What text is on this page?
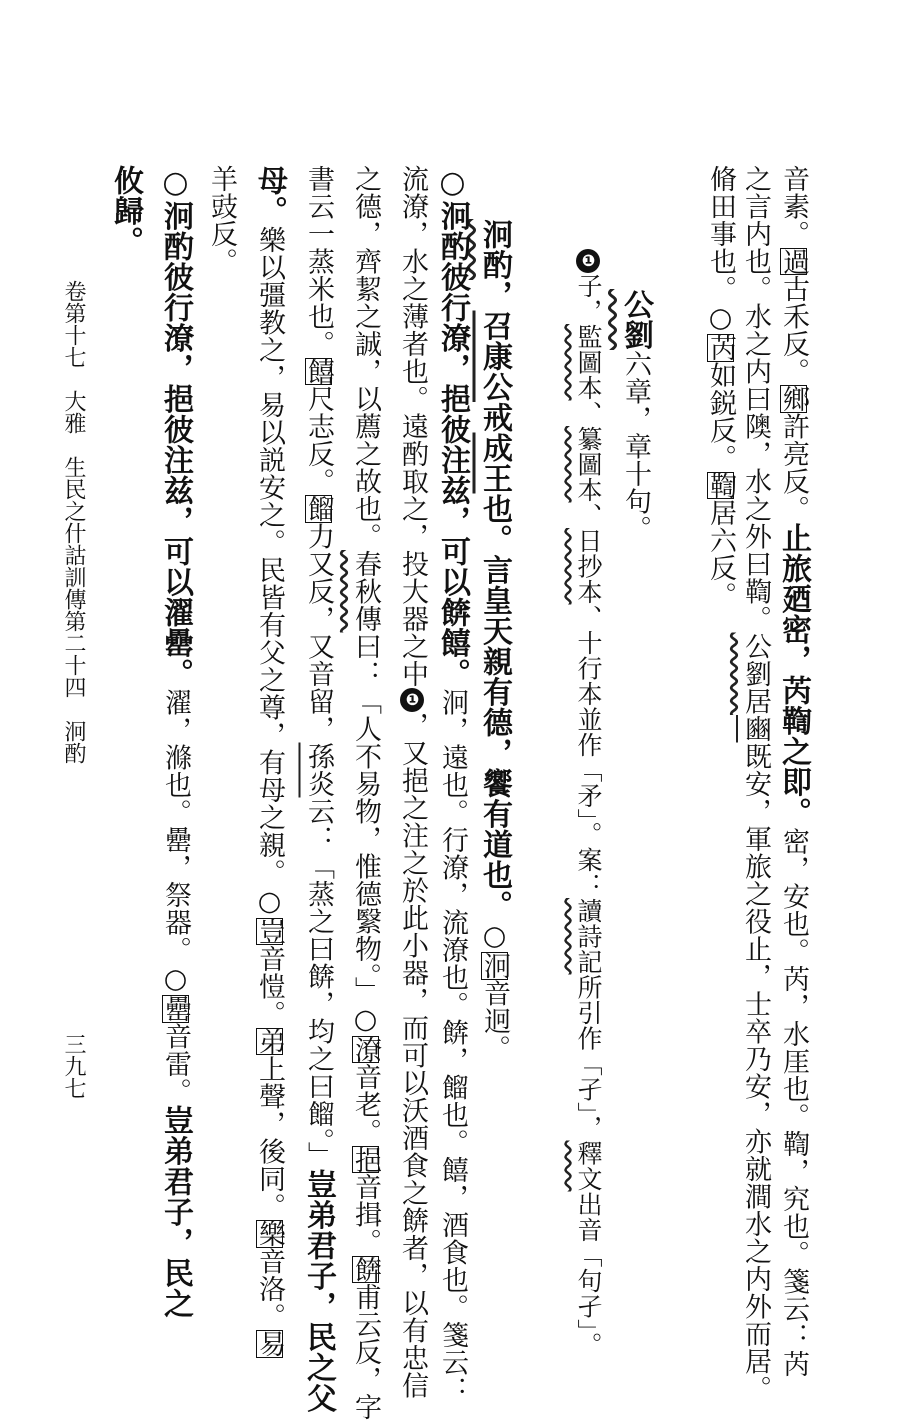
音素。過古禾反。鄉許亮反。止旅廼密，芮鞫之即。密，安也。芮，水厓也。鞫，究也。箋云：芮
之言内也。水之内曰隩，水之外曰鞫。公劉居豳既安，軍旅之役止，士卒乃安，亦就澗水之内外而居。
脩田事也。○芮如鋭反。鞫居六反。
公劉六章，章十句。
❶子，監圖本、纂圖本、日抄本、十行本並作「矛」。案：讀詩記所引作「孑」，釋文出音「句孑」。
泂酌，召康公戒成王也。言皇天親有德，饗有道也。○泂音迥。
○泂酌彼行潦，挹彼注兹，可以餴饎。泂，遠也。行潦，流潦也。餴，餾也。饎，酒食也。箋云：
流潦，水之薄者也。遠酌取之，投大器之中❶，又挹之注之於此小器，而可以沃酒食之餴者，以有忠信
之德，齊絜之誠，以薦之故也。春秋傳曰：「人不易物，惟德繄物。」○潦音老。挹音揖。餴甫云反，字
書云一蒸米也。饎尺志反。餾力又反，又音留，孫炎云：「蒸之曰餴，均之曰餾。」豈弟君子，民之父
母。樂以彊教之，易以説安之。民皆有父之尊，有母之親。○豈音愷。弟上聲，後同。樂音洛。易
羊豉反。
○泂酌彼行潦，挹彼注兹，可以濯罍。濯，滌也。罍，祭器。○罍音雷。豈弟君子，民之
攸歸。
卷第十七　大雅　生民之什詁訓傳第二十四　泂酌
三九七
